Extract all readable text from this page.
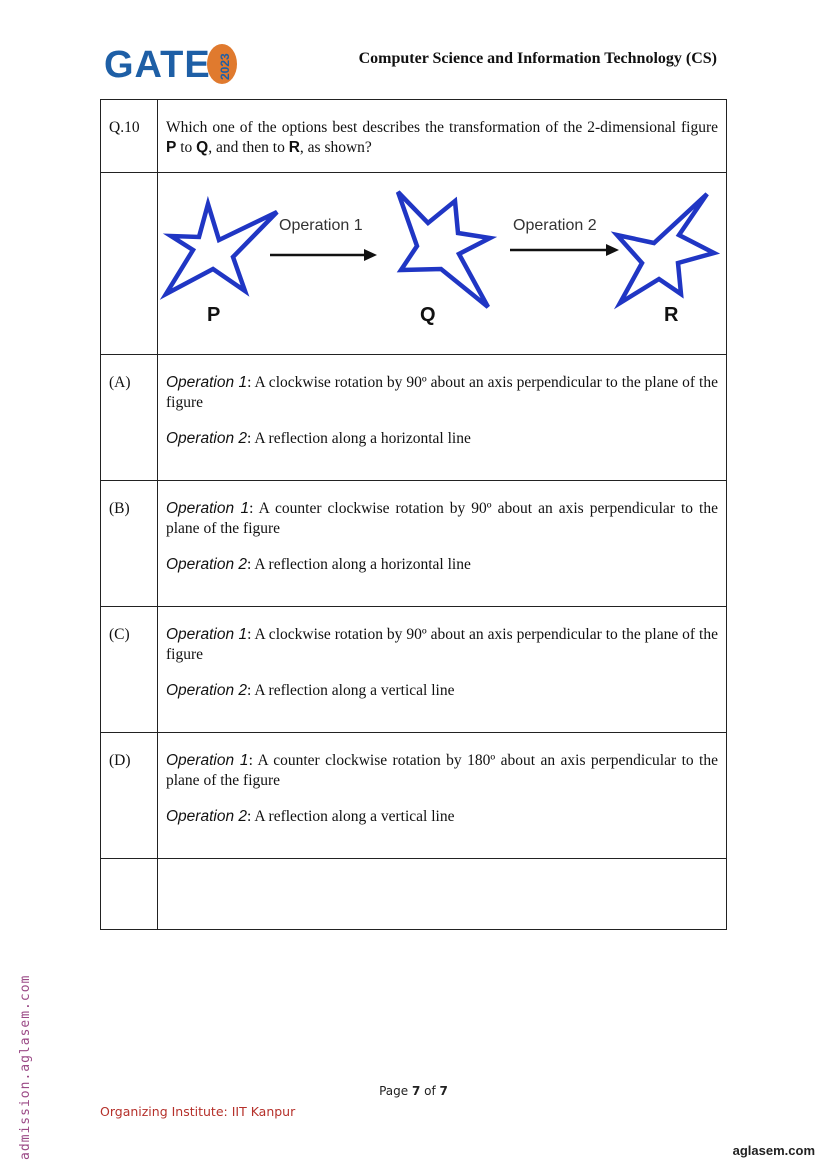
GATE 2023	Computer Science and Information Technology (CS)
Q.10	Which one of the options best describes the transformation of the 2-dimensional figure P to Q, and then to R, as shown?

Operation 1 Operation 2
P Q R

(A)	Operation 1: A clockwise rotation by 90º about an axis perpendicular to the plane of the figure
Operation 2: A reflection along a horizontal line

(B)	Operation 1: A counter clockwise rotation by 90º about an axis perpendicular to the plane of the figure
Operation 2: A reflection along a horizontal line

(C)	Operation 1: A clockwise rotation by 90º about an axis perpendicular to the plane of the figure
Operation 2: A reflection along a vertical line

(D)	Operation 1: A counter clockwise rotation by 180º about an axis perpendicular to the plane of the figure
Operation 2: A reflection along a vertical line

Page 7 of 7
Organizing Institute: IIT Kanpur
admission.aglasem.com	aglasem.com
